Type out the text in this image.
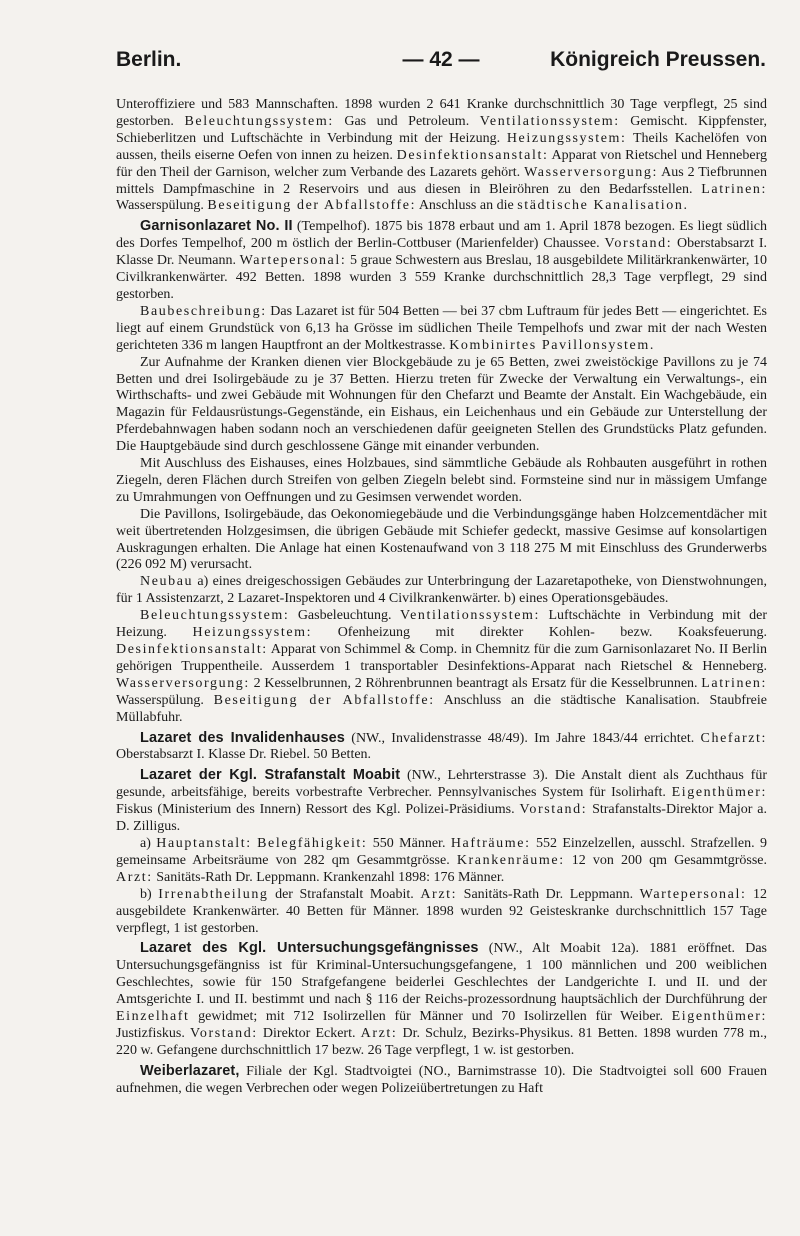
Berlin.	— 42 —	Königreich Preussen.

Unteroffiziere und 583 Mannschaften. 1898 wurden 2 641 Kranke durchschnittlich 30 Tage verpflegt, 25 sind gestorben. Beleuchtungssystem: Gas und Petroleum. Ventilationssystem: Gemischt. Kippfenster, Schieberlitzen und Luftschächte in Verbindung mit der Heizung. Heizungssystem: Theils Kachelöfen von aussen, theils eiserne Oefen von innen zu heizen. Desinfektionsanstalt: Apparat von Rietschel und Henneberg für den Theil der Garnison, welcher zum Verbande des Lazarets gehört. Wasserversorgung: Aus 2 Tiefbrunnen mittels Dampfmaschine in 2 Reservoirs und aus diesen in Bleiröhren zu den Bedarfsstellen. Latrinen: Wasserspülung. Beseitigung der Abfallstoffe: Anschluss an die städtische Kanalisation.

Garnisonlazaret No. II (Tempelhof). 1875 bis 1878 erbaut und am 1. April 1878 bezogen. Es liegt südlich des Dorfes Tempelhof, 200 m östlich der Berlin-Cottbuser (Marienfelder) Chaussee. Vorstand: Oberstabsarzt I. Klasse Dr. Neumann. Wartepersonal: 5 graue Schwestern aus Breslau, 18 ausgebildete Militärkrankenwärter, 10 Civilkrankenwärter. 492 Betten. 1898 wurden 3 559 Kranke durchschnittlich 28,3 Tage verpflegt, 29 sind gestorben.

Baubeschreibung: Das Lazaret ist für 504 Betten — bei 37 cbm Luftraum für jedes Bett — eingerichtet. Es liegt auf einem Grundstück von 6,13 ha Grösse im südlichen Theile Tempelhofs und zwar mit der nach Westen gerichteten 336 m langen Hauptfront an der Moltkestrasse. Kombinirtes Pavillonsystem.

Zur Aufnahme der Kranken dienen vier Blockgebäude zu je 65 Betten, zwei zweistöckige Pavillons zu je 74 Betten und drei Isolirgebäude zu je 37 Betten. Hierzu treten für Zwecke der Verwaltung ein Verwaltungs-, ein Wirthschafts- und zwei Gebäude mit Wohnungen für den Chefarzt und Beamte der Anstalt. Ein Wachgebäude, ein Magazin für Feldausrüstungs-Gegenstände, ein Eishaus, ein Leichenhaus und ein Gebäude zur Unterstellung der Pferdebahnwagen haben sodann noch an verschiedenen dafür geeigneten Stellen des Grundstücks Platz gefunden. Die Hauptgebäude sind durch geschlossene Gänge mit einander verbunden.

Mit Auschluss des Eishauses, eines Holzbaues, sind sämmtliche Gebäude als Rohbauten ausgeführt in rothen Ziegeln, deren Flächen durch Streifen von gelben Ziegeln belebt sind. Formsteine sind nur in mässigem Umfange zu Umrahmungen von Oeffnungen und zu Gesimsen verwendet worden.

Die Pavillons, Isolirgebäude, das Oekonomiegebäude und die Verbindungsgänge haben Holzcementdächer mit weit übertretenden Holzgesimsen, die übrigen Gebäude mit Schiefer gedeckt, massive Gesimse auf konsolartigen Auskragungen erhalten. Die Anlage hat einen Kostenaufwand von 3 118 275 M mit Einschluss des Grunderwerbs (226 092 M) verursacht.

Neubau a) eines dreigeschossigen Gebäudes zur Unterbringung der Lazaretapotheke, von Dienstwohnungen, für 1 Assistenzarzt, 2 Lazaret-Inspektoren und 4 Civilkrankenwärter. b) eines Operationsgebäudes.

Beleuchtungssystem: Gasbeleuchtung. Ventilationssystem: Luftschächte in Verbindung mit der Heizung. Heizungssystem: Ofenheizung mit direkter Kohlen- bezw. Koaksfeuerung. Desinfektionsanstalt: Apparat von Schimmel & Comp. in Chemnitz für die zum Garnisonlazaret No. II Berlin gehörigen Truppentheile. Ausserdem 1 transportabler Desinfektions-Apparat nach Rietschel & Henneberg. Wasserversorgung: 2 Kesselbrunnen, 2 Röhrenbrunnen beantragt als Ersatz für die Kesselbrunnen. Latrinen: Wasserspülung. Beseitigung der Abfallstoffe: Anschluss an die städtische Kanalisation. Staubfreie Müllabfuhr.

Lazaret des Invalidenhauses (NW., Invalidenstrasse 48/49). Im Jahre 1843/44 errichtet. Chefarzt: Oberstabsarzt I. Klasse Dr. Riebel. 50 Betten.

Lazaret der Kgl. Strafanstalt Moabit (NW., Lehrterstrasse 3). Die Anstalt dient als Zuchthaus für gesunde, arbeitsfähige, bereits vorbestrafte Verbrecher. Pennsylvanisches System für Isolirhaft. Eigenthümer: Fiskus (Ministerium des Innern) Ressort des Kgl. Polizei-Präsidiums. Vorstand: Strafanstalts-Direktor Major a. D. Zilligus.

a) Hauptanstalt: Belegfähigkeit: 550 Männer. Hafträume: 552 Einzelzellen, ausschl. Strafzellen. 9 gemeinsame Arbeitsräume von 282 qm Gesammtgrösse. Krankenräume: 12 von 200 qm Gesammtgrösse. Arzt: Sanitäts-Rath Dr. Leppmann. Krankenzahl 1898: 176 Männer.

b) Irrenabtheilung der Strafanstalt Moabit. Arzt: Sanitäts-Rath Dr. Leppmann. Wartepersonal: 12 ausgebildete Krankenwärter. 40 Betten für Männer. 1898 wurden 92 Geisteskranke durchschnittlich 157 Tage verpflegt, 1 ist gestorben.

Lazaret des Kgl. Untersuchungsgefängnisses (NW., Alt Moabit 12a). 1881 eröffnet. Das Untersuchungsgefängniss ist für Kriminal-Untersuchungsgefangene, 1 100 männlichen und 200 weiblichen Geschlechtes, sowie für 150 Strafgefangene beiderlei Geschlechtes der Landgerichte I. und II. und der Amtsgerichte I. und II. bestimmt und nach § 116 der Reichs-prozessordnung hauptsächlich der Durchführung der Einzelhaft gewidmet; mit 712 Isolirzellen für Männer und 70 Isolirzellen für Weiber. Eigenthümer: Justizfiskus. Vorstand: Direktor Eckert. Arzt: Dr. Schulz, Bezirks-Physikus. 81 Betten. 1898 wurden 778 m., 220 w. Gefangene durchschnittlich 17 bezw. 26 Tage verpflegt, 1 w. ist gestorben.

Weiberlazaret, Filiale der Kgl. Stadtvoigtei (NO., Barnimstrasse 10). Die Stadtvoigtei soll 600 Frauen aufnehmen, die wegen Verbrechen oder wegen Polizeiübertretungen zu Haft
